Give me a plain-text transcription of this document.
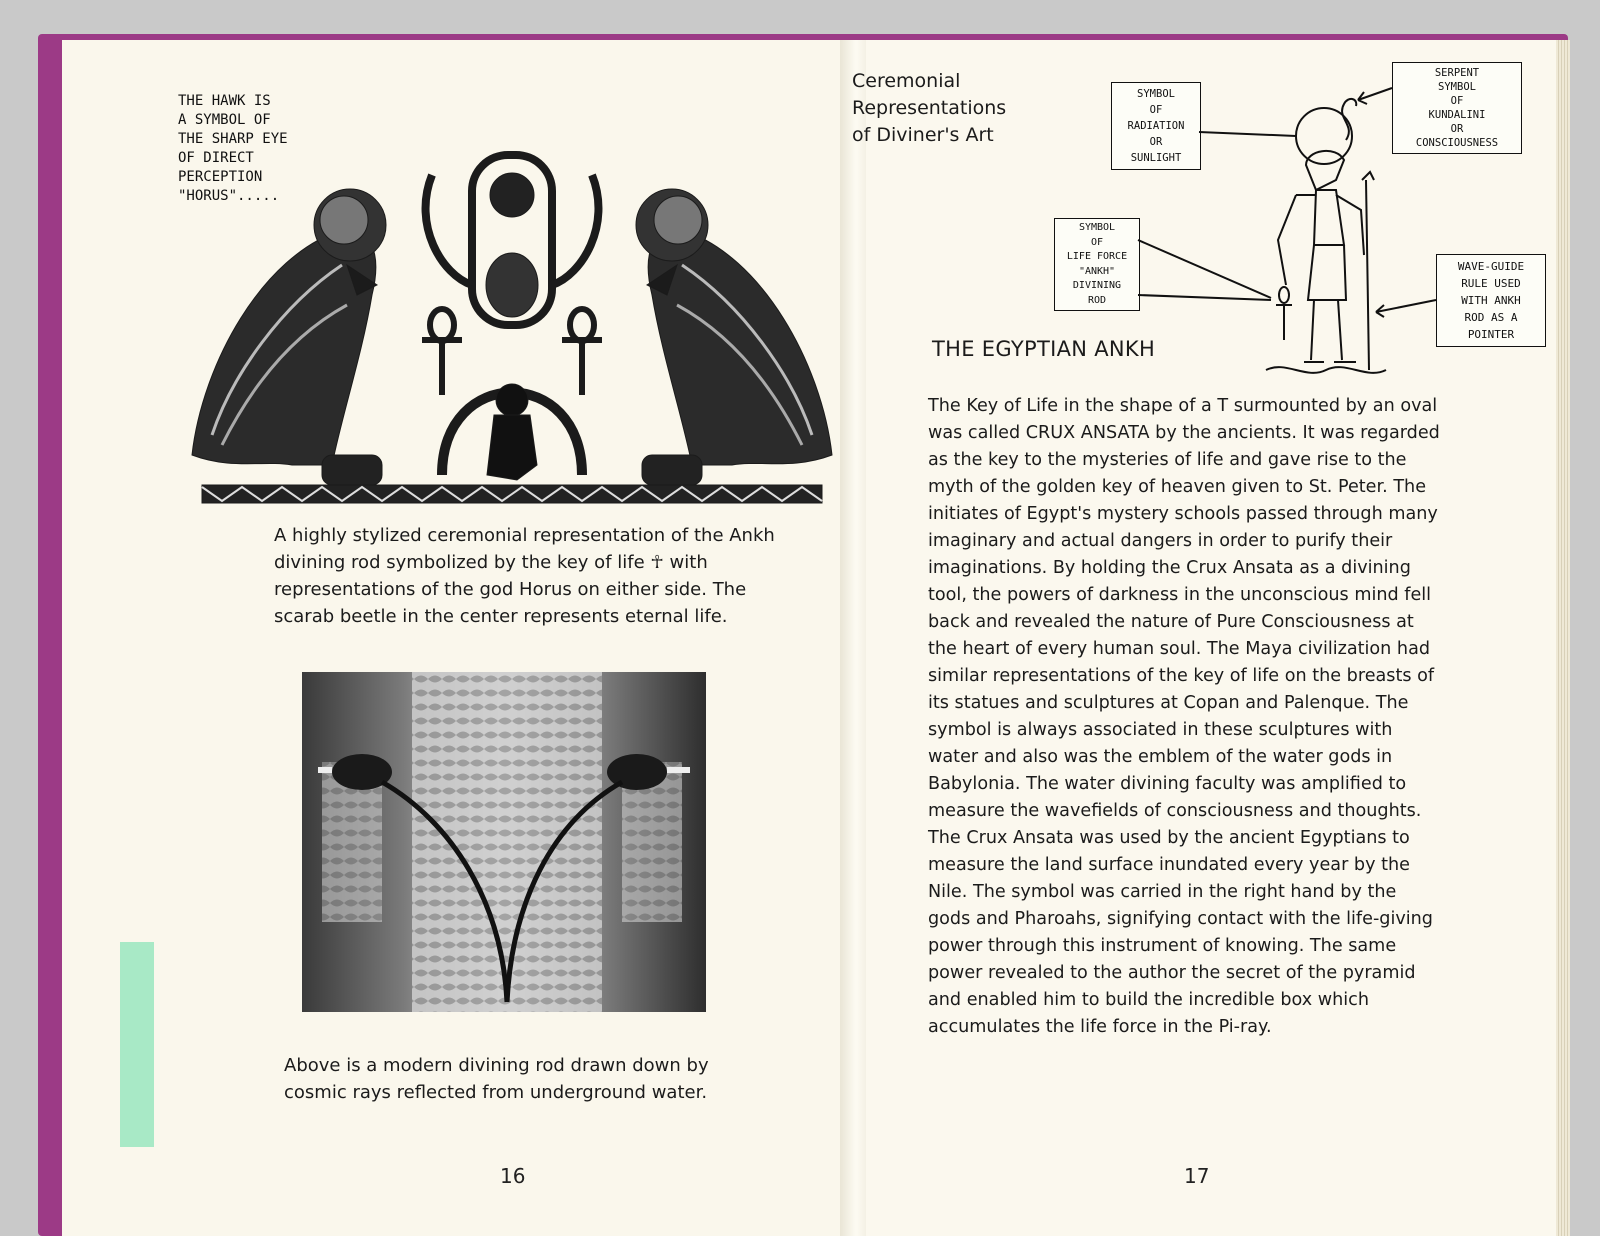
THE HAWK IS
A SYMBOL OF
THE SHARP EYE
OF DIRECT
PERCEPTION
"HORUS".....
A highly stylized ceremonial representation of the Ankh divining rod symbolized by the key of life ☥ with representations of the god Horus on either side. The scarab beetle in the center represents eternal life.
Above is a modern divining rod drawn down by cosmic rays reflected from underground water.
16
Ceremonial
Representations
of Diviner's Art
SYMBOL
OF
RADIATION
OR
SUNLIGHT
SERPENT
SYMBOL
OF
KUNDALINI
OR
CONSCIOUSNESS
SYMBOL
OF
LIFE FORCE
"ANKH"
DIVINING
ROD
WAVE-GUIDE
RULE USED
WITH ANKH
ROD AS A
POINTER
THE EGYPTIAN ANKH
The Key of Life in the shape of a T surmounted by an oval was called CRUX ANSATA by the ancients. It was regarded as the key to the mysteries of life and gave rise to the myth of the golden key of heaven given to St. Peter. The initiates of Egypt's mystery schools passed through many imaginary and actual dangers in order to purify their imaginations. By holding the Crux Ansata as a divining tool, the powers of darkness in the unconscious mind fell back and revealed the nature of Pure Consciousness at the heart of every human soul. The Maya civilization had similar representations of the key of life on the breasts of its statues and sculptures at Copan and Palenque. The symbol is always associated in these sculptures with water and also was the emblem of the water gods in Babylonia. The water divining faculty was amplified to measure the wavefields of consciousness and thoughts. The Crux Ansata was used by the ancient Egyptians to measure the land surface inundated every year by the Nile. The symbol was carried in the right hand by the gods and Pharoahs, signifying contact with the life-giving power through this instrument of knowing. The same power revealed to the author the secret of the pyramid and enabled him to build the incredible box which accumulates the life force in the Pi-ray.
17
